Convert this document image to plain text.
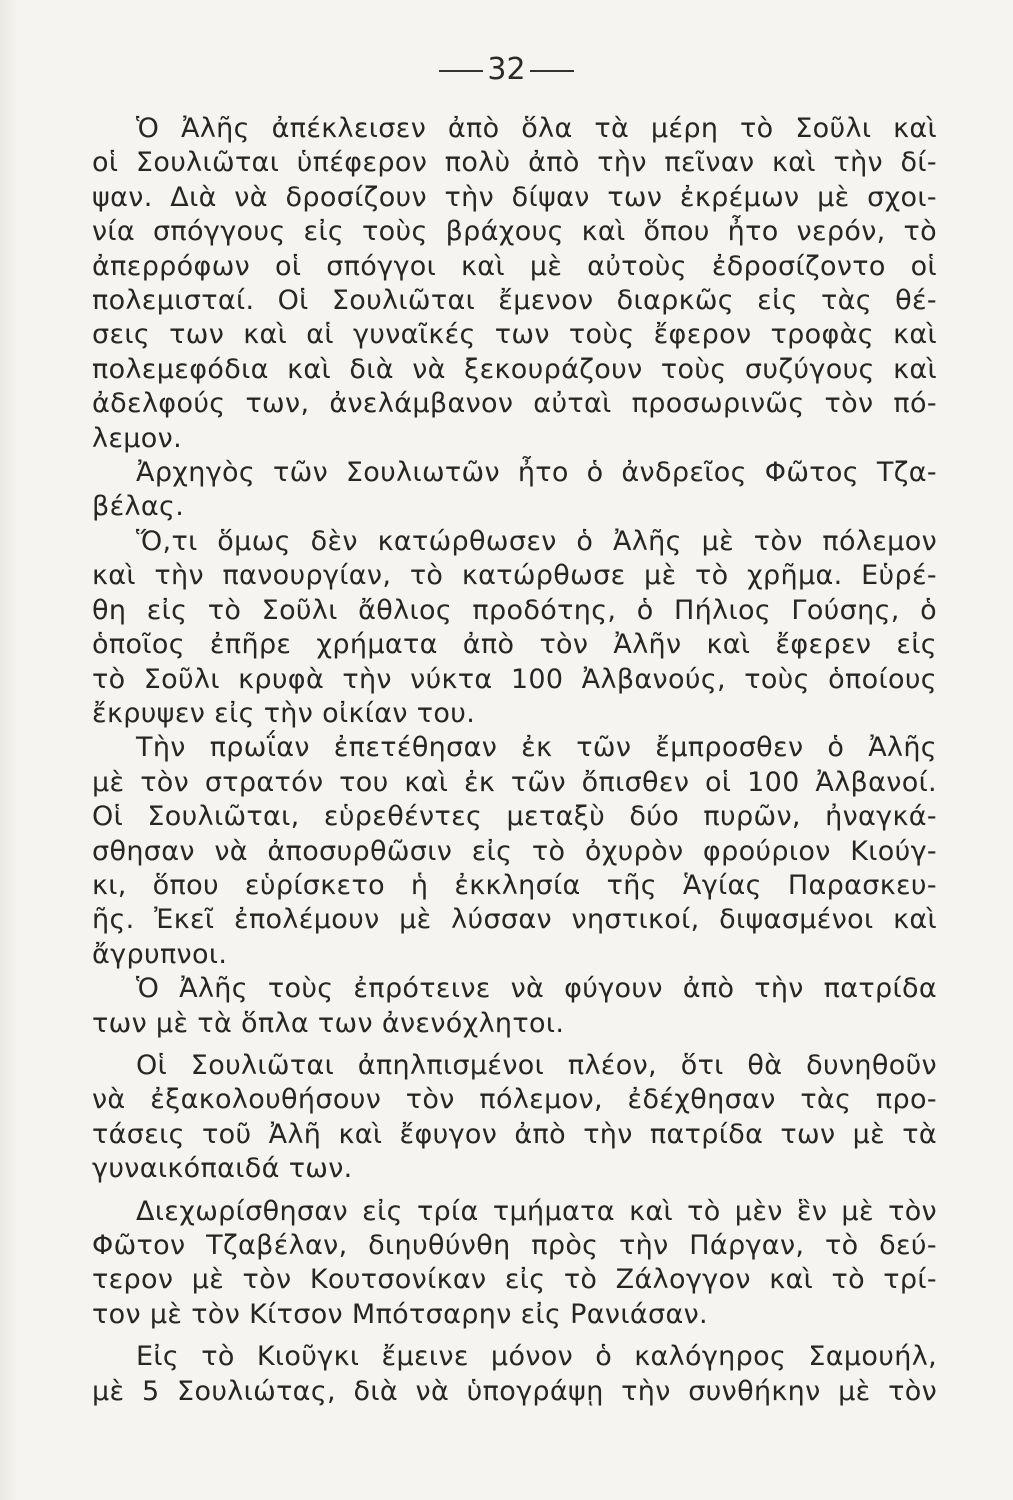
32
Ὁ Ἀλῆς ἀπέκλεισεν ἀπὸ ὅλα τὰ μέρη τὸ Σοῦλι καὶ
οἱ Σουλιῶται ὑπέφερον πολὺ ἀπὸ τὴν πεῖναν καὶ τὴν δί-
ψαν. Διὰ νὰ δροσίζουν τὴν δίψαν των ἐκρέμων μὲ σχοι-
νία σπόγγους εἰς τοὺς βράχους καὶ ὅπου ἦτο νερόν, τὸ
ἀπερρόφων οἱ σπόγγοι καὶ μὲ αὐτοὺς ἐδροσίζοντο οἱ
πολεμισταί. Οἱ Σουλιῶται ἔμενον διαρκῶς εἰς τὰς θέ-
σεις των καὶ αἱ γυναῖκές των τοὺς ἔφερον τροφὰς καὶ
πολεμεφόδια καὶ διὰ νὰ ξεκουράζουν τοὺς συζύγους καὶ
ἀδελφούς των, ἀνελάμβανον αὐταὶ προσωρινῶς τὸν πό-
λεμον.
Ἀρχηγὸς τῶν Σουλιωτῶν ἦτο ὁ ἀνδρεῖος Φῶτος Τζα-
βέλας.
Ὅ,τι ὅμως δὲν κατώρθωσεν ὁ Ἀλῆς μὲ τὸν πόλεμον
καὶ τὴν πανουργίαν, τὸ κατώρθωσε μὲ τὸ χρῆμα. Εὑρέ-
θη εἰς τὸ Σοῦλι ἄθλιος προδότης, ὁ Πήλιος Γούσης, ὁ
ὁποῖος ἐπῆρε χρήματα ἀπὸ τὸν Ἀλῆν καὶ ἔφερεν εἰς
τὸ Σοῦλι κρυφὰ τὴν νύκτα 100 Ἀλβανούς, τοὺς ὁποίους
ἔκρυψεν εἰς τὴν οἰκίαν του.
Τὴν πρωΐαν ἐπετέθησαν ἐκ τῶν ἔμπροσθεν ὁ Ἀλῆς
μὲ τὸν στρατόν του καὶ ἐκ τῶν ὄπισθεν οἱ 100 Ἀλβανοί.
Οἱ Σουλιῶται, εὑρεθέντες μεταξὺ δύο πυρῶν, ἠναγκά-
σθησαν νὰ ἀποσυρθῶσιν εἰς τὸ ὀχυρὸν φρούριον Κιούγ-
κι, ὅπου εὑρίσκετο ἡ ἐκκλησία τῆς Ἁγίας Παρασκευ-
ῆς. Ἐκεῖ ἐπολέμουν μὲ λύσσαν νηστικοί, διψασμένοι καὶ
ἄγρυπνοι.
Ὁ Ἀλῆς τοὺς ἐπρότεινε νὰ φύγουν ἀπὸ τὴν πατρίδα
των μὲ τὰ ὅπλα των ἀνενόχλητοι.
Οἱ Σουλιῶται ἀπηλπισμένοι πλέον, ὅτι θὰ δυνηθοῦν
νὰ ἐξακολουθήσουν τὸν πόλεμον, ἐδέχθησαν τὰς προ-
τάσεις τοῦ Ἀλῆ καὶ ἔφυγον ἀπὸ τὴν πατρίδα των μὲ τὰ
γυναικόπαιδά των.
Διεχωρίσθησαν εἰς τρία τμήματα καὶ τὸ μὲν ἓν μὲ τὸν
Φῶτον Τζαβέλαν, διηυθύνθη πρὸς τὴν Πάργαν, τὸ δεύ-
τερον μὲ τὸν Κουτσονίκαν εἰς τὸ Ζάλογγον καὶ τὸ τρί-
τον μὲ τὸν Κίτσον Μπότσαρην εἰς Ρανιάσαν.
Εἰς τὸ Κιοῦγκι ἔμεινε μόνον ὁ καλόγηρος Σαμουήλ,
μὲ 5 Σουλιώτας, διὰ νὰ ὑπογράψῃ τὴν συνθήκην μὲ τὸν
